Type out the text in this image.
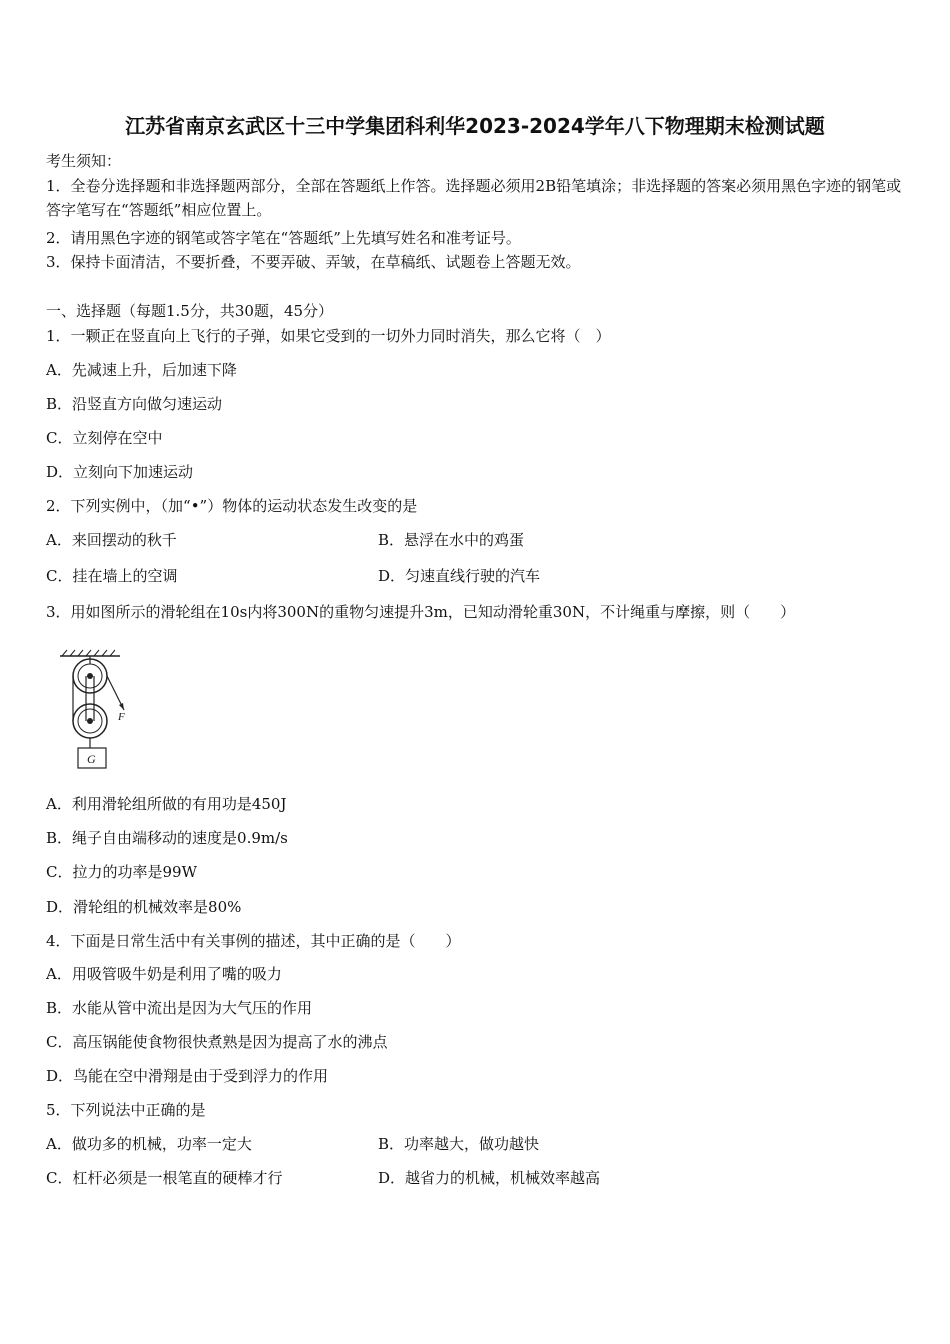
江苏省南京玄武区十三中学集团科利华2023-2024学年八下物理期末检测试题
考生须知：
1．全卷分选择题和非选择题两部分，全部在答题纸上作答。选择题必须用2B铅笔填涂；非选择题的答案必须用黑色字迹的钢笔或答字笔写在“答题纸”相应位置上。
2．请用黑色字迹的钢笔或答字笔在“答题纸”上先填写姓名和准考证号。
3．保持卡面清洁，不要折叠，不要弄破、弄皱，在草稿纸、试题卷上答题无效。
一、选择题（每题1.5分，共30题，45分）
1．一颗正在竖直向上飞行的子弹，如果它受到的一切外力同时消失，那么它将（　）
A．先减速上升，后加速下降
B．沿竖直方向做匀速运动
C．立刻停在空中
D．立刻向下加速运动
2．下列实例中，（加“•”）物体的运动状态发生改变的是
A．来回摆动的秋千	B．悬浮在水中的鸡蛋
C．挂在墙上的空调	D．匀速直线行驶的汽车
3．用如图所示的滑轮组在10s内将300N的重物匀速提升3m，已知动滑轮重30N，不计绳重与摩擦，则（　　）
F
G
A．利用滑轮组所做的有用功是450J
B．绳子自由端移动的速度是0.9m/s
C．拉力的功率是99W
D．滑轮组的机械效率是80%
4．下面是日常生活中有关事例的描述，其中正确的是（　　）
A．用吸管吸牛奶是利用了嘴的吸力
B．水能从管中流出是因为大气压的作用
C．高压锅能使食物很快煮熟是因为提高了水的沸点
D．鸟能在空中滑翔是由于受到浮力的作用
5．下列说法中正确的是
A．做功多的机械，功率一定大	B．功率越大，做功越快
C．杠杆必须是一根笔直的硬棒才行	D．越省力的机械，机械效率越高
